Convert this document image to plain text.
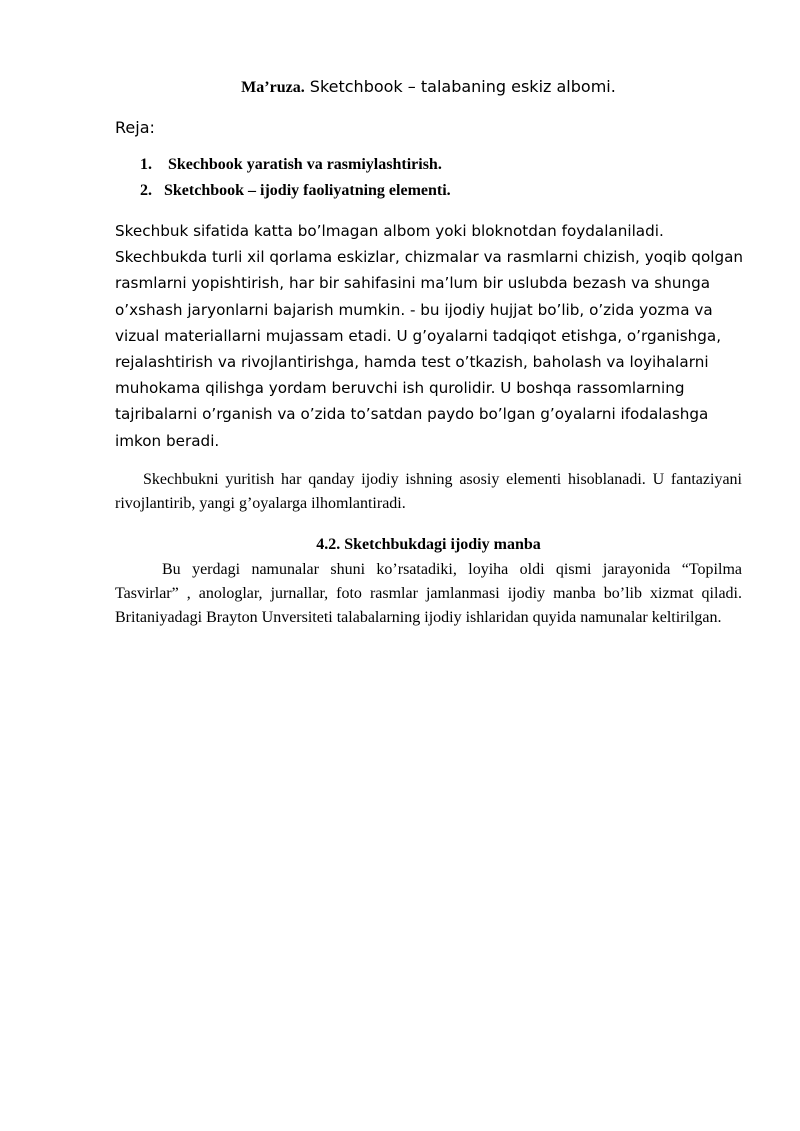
Ma’ruza. Sketchbook – talabaning eskiz albomi.
Reja:
1. Skechbook yaratish va rasmiylashtirish.
2. Sketchbook – ijodiy faoliyatning elementi.
Skechbuk sifatida katta bo’lmagan albom yoki bloknotdan foydalaniladi.
Skechbukda turli xil qorlama eskizlar, chizmalar va rasmlarni chizish, yoqib qolgan
rasmlarni yopishtirish, har bir sahifasini ma’lum bir uslubda bezash va shunga
o’xshash jaryonlarni bajarish mumkin. - bu ijodiy hujjat bo’lib, o’zida yozma va
vizual materiallarni mujassam etadi. U g’oyalarni tadqiqot etishga, o’rganishga,
rejalashtirish va rivojlantirishga, hamda test o’tkazish, baholash va loyihalarni
muhokama qilishga yordam beruvchi ish qurolidir. U boshqa rassomlarning
tajribalarni o’rganish va o’zida to’satdan paydo bo’lgan g’oyalarni ifodalashga
imkon beradi.
Skechbukni yuritish har qanday ijodiy ishning asosiy elementi hisoblanadi. U fantaziyani rivojlantirib, yangi g’oyalarga ilhomlantiradi.
4.2. Sketchbukdagi ijodiy manba
Bu yerdagi namunalar shuni ko’rsatadiki, loyiha oldi qismi jarayonida “Topilma Tasvirlar” , anologlar, jurnallar, foto rasmlar jamlanmasi ijodiy manba bo’lib xizmat qiladi. Britaniyadagi Brayton Unversiteti talabalarning ijodiy ishlaridan quyida namunalar keltirilgan.
